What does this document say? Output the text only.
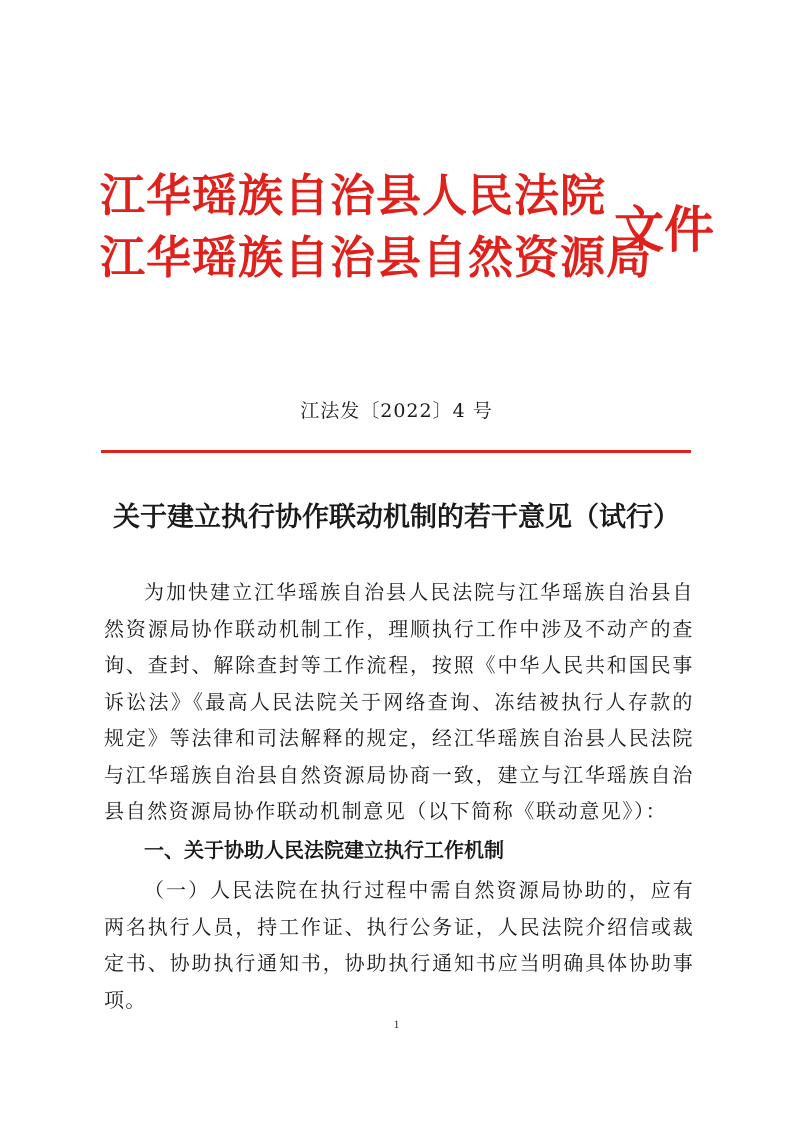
江华瑶族自治县人民法院
江华瑶族自治县自然资源局
文件
江法发〔2022〕4 号
关于建立执行协作联动机制的若干意见（试行）

为加快建立江华瑶族自治县人民法院与江华瑶族自治县自然资源局协作联动机制工作，理顺执行工作中涉及不动产的查询、查封、解除查封等工作流程，按照《中华人民共和国民事诉讼法》《最高人民法院关于网络查询、冻结被执行人存款的规定》等法律和司法解释的规定，经江华瑶族自治县人民法院与江华瑶族自治县自然资源局协商一致，建立与江华瑶族自治县自然资源局协作联动机制意见（以下简称《联动意见》）：

一、关于协助人民法院建立执行工作机制

（一）人民法院在执行过程中需自然资源局协助的，应有两名执行人员，持工作证、执行公务证，人民法院介绍信或裁定书、协助执行通知书，协助执行通知书应当明确具体协助事项。

1
